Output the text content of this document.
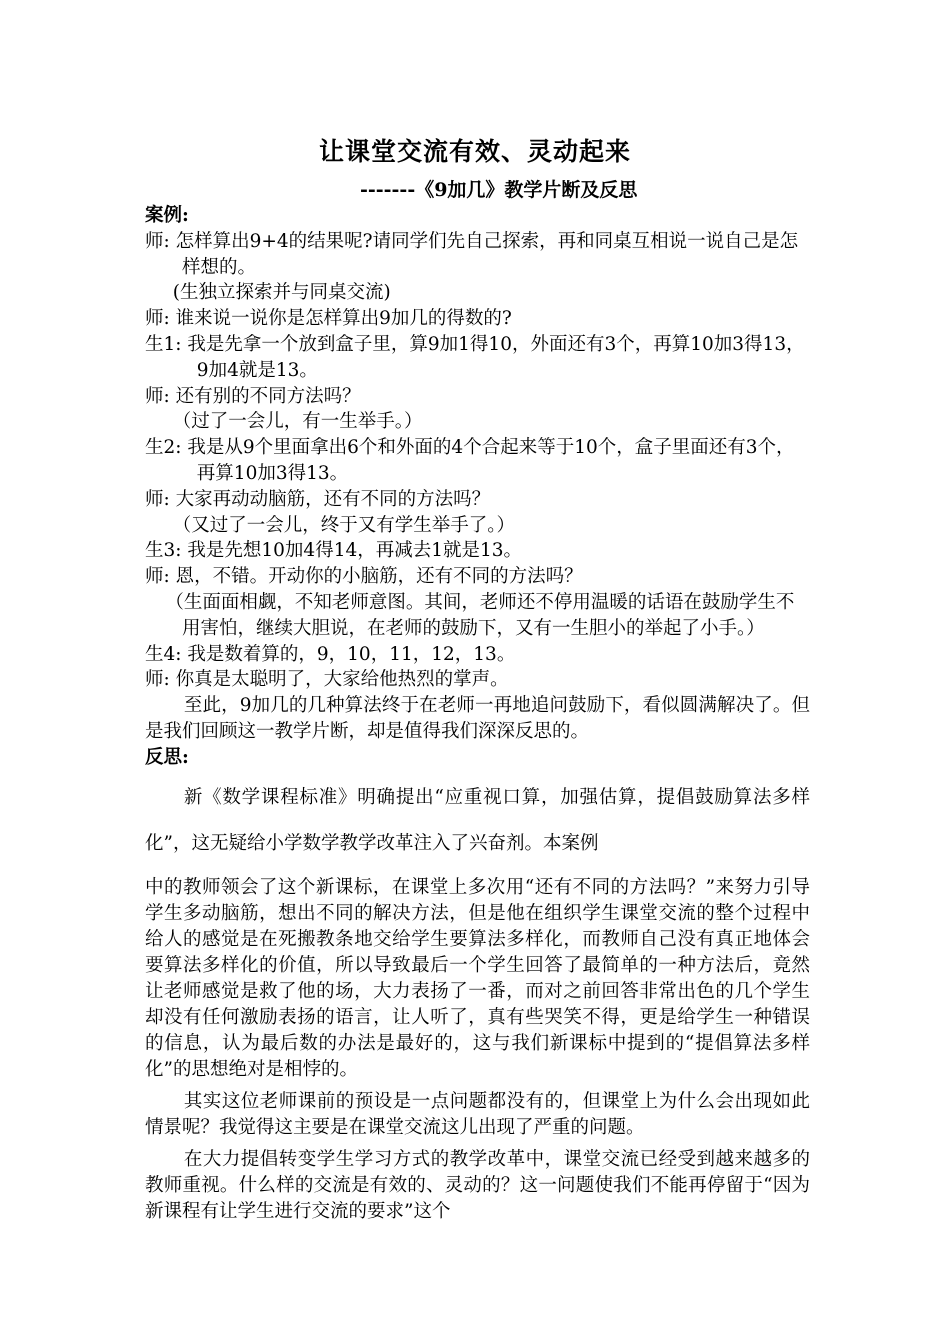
让课堂交流有效、灵动起来
-------《9加几》教学片断及反思

案例:

师: 怎样算出9+4的结果呢?请同学们先自己探索，再和同桌互相说一说自己是怎样想的。

(生独立探索并与同桌交流)

师: 谁来说一说你是怎样算出9加几的得数的?

生1: 我是先拿一个放到盒子里，算9加1得10，外面还有3个，再算10加3得13，9加4就是13。

师: 还有别的不同方法吗？

（过了一会儿，有一生举手。）

生2: 我是从9个里面拿出6个和外面的4个合起来等于10个，盒子里面还有3个，再算10加3得13。

师: 大家再动动脑筋，还有不同的方法吗？

（又过了一会儿，终于又有学生举手了。）

生3: 我是先想10加4得14，再减去1就是13。

师: 恩，不错。开动你的小脑筋，还有不同的方法吗？

（生面面相觑，不知老师意图。其间，老师还不停用温暖的话语在鼓励学生不用害怕，继续大胆说，在老师的鼓励下，又有一生胆小的举起了小手。）

生4: 我是数着算的，9，10，11，12，13。

师: 你真是太聪明了，大家给他热烈的掌声。

至此，9加几的几种算法终于在老师一再地追问鼓励下，看似圆满解决了。但是我们回顾这一教学片断，却是值得我们深深反思的。

反思:

新《数学课程标准》明确提出“应重视口算，加强估算，提倡鼓励算法多样化”，这无疑给小学数学教学改革注入了兴奋剂。本案例

中的教师领会了这个新课标，在课堂上多次用“还有不同的方法吗？”来努力引导学生多动脑筋，想出不同的解决方法，但是他在组织学生课堂交流的整个过程中给人的感觉是在死搬教条地交给学生要算法多样化，而教师自己没有真正地体会要算法多样化的价值，所以导致最后一个学生回答了最简单的一种方法后，竟然让老师感觉是救了他的场，大力表扬了一番，而对之前回答非常出色的几个学生却没有任何激励表扬的语言，让人听了，真有些哭笑不得，更是给学生一种错误的信息，认为最后数的办法是最好的，这与我们新课标中提到的“提倡算法多样化”的思想绝对是相悖的。

其实这位老师课前的预设是一点问题都没有的，但课堂上为什么会出现如此情景呢？我觉得这主要是在课堂交流这儿出现了严重的问题。

在大力提倡转变学生学习方式的教学改革中，课堂交流已经受到越来越多的教师重视。什么样的交流是有效的、灵动的？这一问题使我们不能再停留于“因为新课程有让学生进行交流的要求”这个
